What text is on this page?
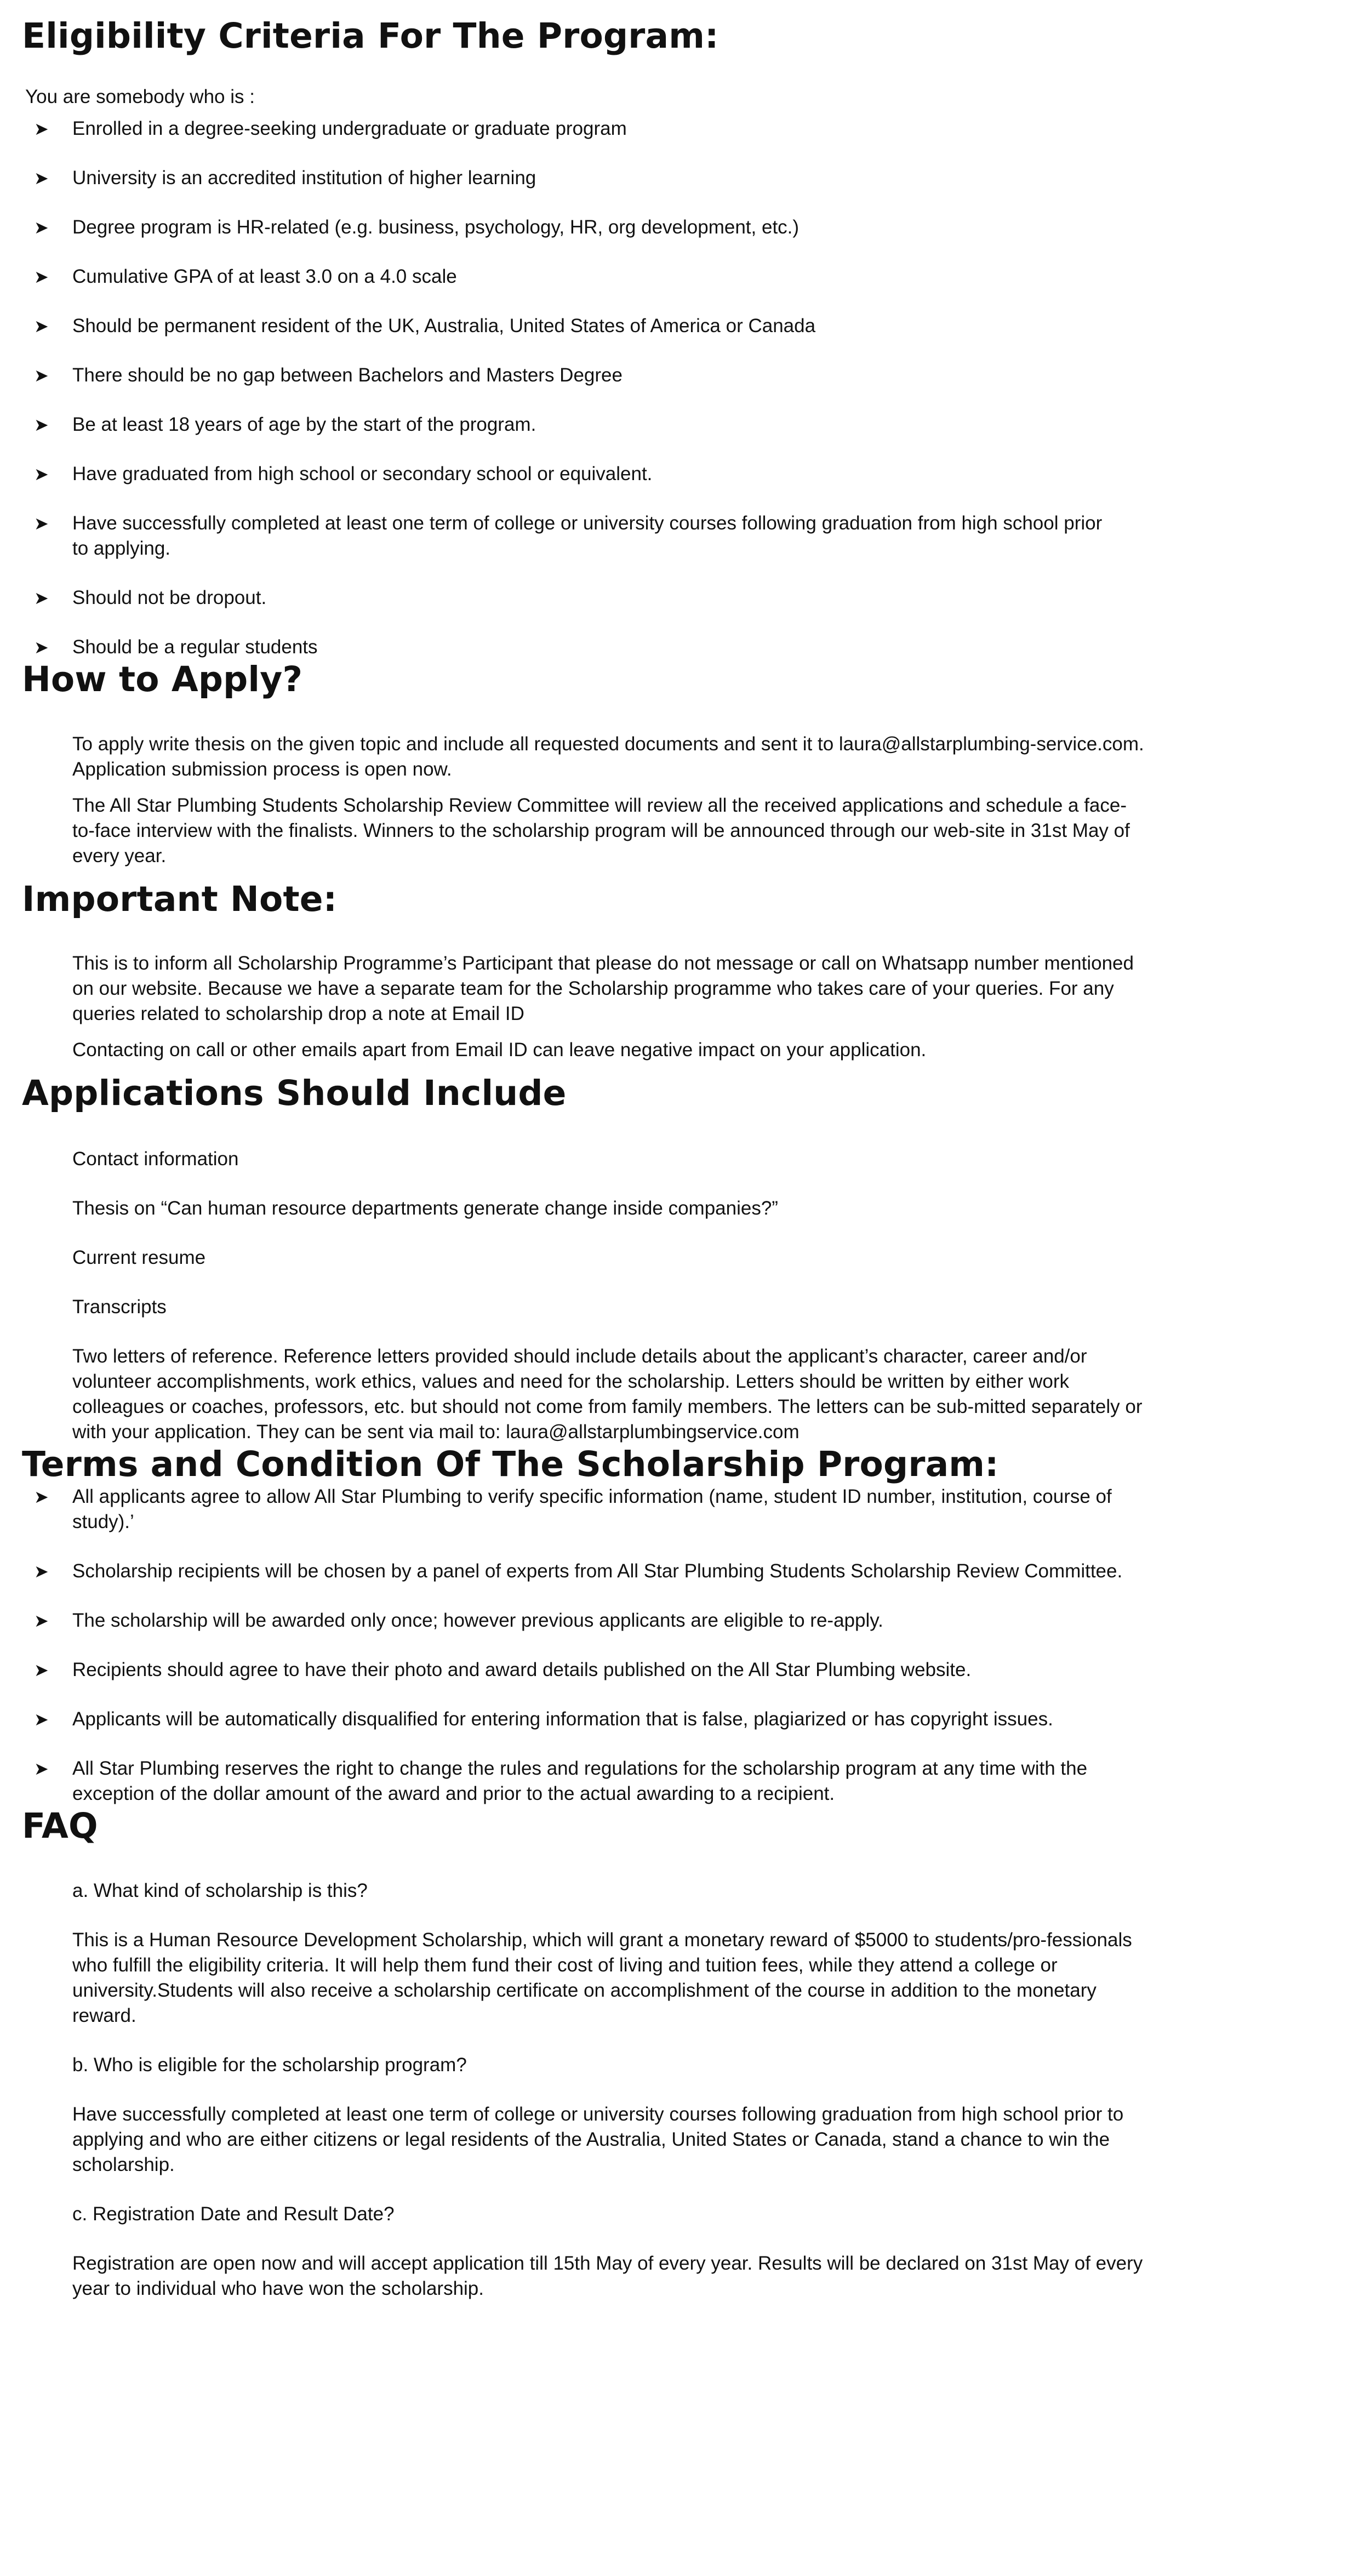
Eligibility Criteria For The Program:
You are somebody who is :
➤ Enrolled in a degree-seeking undergraduate or graduate program
➤ University is an accredited institution of higher learning
➤ Degree program is HR-related (e.g. business, psychology, HR, org development, etc.)
➤ Cumulative GPA of at least 3.0 on a 4.0 scale
➤ Should be permanent resident of the UK, Australia, United States of America or Canada
➤ There should be no gap between Bachelors and Masters Degree
➤ Be at least 18 years of age by the start of the program.
➤ Have graduated from high school or secondary school or equivalent.
➤ Have successfully completed at least one term of college or university courses following graduation from high school prior to applying.
➤ Should not be dropout.
➤ Should be a regular students
How to Apply?

To apply write thesis on the given topic and include all requested documents and sent it to laura@allstarplumbing-service.com. Application submission process is open now.

The All Star Plumbing Students Scholarship Review Committee will review all the received applications and schedule a face-to-face interview with the finalists. Winners to the scholarship program will be announced through our web-site in 31st May of every year.

Important Note:

This is to inform all Scholarship Programme’s Participant that please do not message or call on Whatsapp number mentioned on our website. Because we have a separate team for the Scholarship programme who takes care of your queries. For any queries related to scholarship drop a note at Email ID

Contacting on call or other emails apart from Email ID can leave negative impact on your application.

Applications Should Include

Contact information

Thesis on “Can human resource departments generate change inside companies?”

Current resume

Transcripts

Two letters of reference. Reference letters provided should include details about the applicant’s character, career and/or volunteer accomplishments, work ethics, values and need for the scholarship. Letters should be written by either work colleagues or coaches, professors, etc. but should not come from family members. The letters can be sub-mitted separately or with your application. They can be sent via mail to: laura@allstarplumbingservice.com

Terms and Condition Of The Scholarship Program:
➤ All applicants agree to allow All Star Plumbing to verify specific information (name, student ID number, institution, course of study).’
➤ Scholarship recipients will be chosen by a panel of experts from All Star Plumbing Students Scholarship Review Committee.
➤ The scholarship will be awarded only once; however previous applicants are eligible to re-apply.
➤ Recipients should agree to have their photo and award details published on the All Star Plumbing website.
➤ Applicants will be automatically disqualified for entering information that is false, plagiarized or has copyright issues.
➤ All Star Plumbing reserves the right to change the rules and regulations for the scholarship program at any time with the exception of the dollar amount of the award and prior to the actual awarding to a recipient.
FAQ

a. What kind of scholarship is this?

This is a Human Resource Development Scholarship, which will grant a monetary reward of $5000 to students/pro-fessionals who fulfill the eligibility criteria. It will help them fund their cost of living and tuition fees, while they attend a college or university.Students will also receive a scholarship certificate on accomplishment of the course in addition to the monetary reward.

b. Who is eligible for the scholarship program?

Have successfully completed at least one term of college or university courses following graduation from high school prior to applying and who are either citizens or legal residents of the Australia, United States or Canada, stand a chance to win the scholarship.

c. Registration Date and Result Date?

Registration are open now and will accept application till 15th May of every year. Results will be declared on 31st May of every year to individual who have won the scholarship.
